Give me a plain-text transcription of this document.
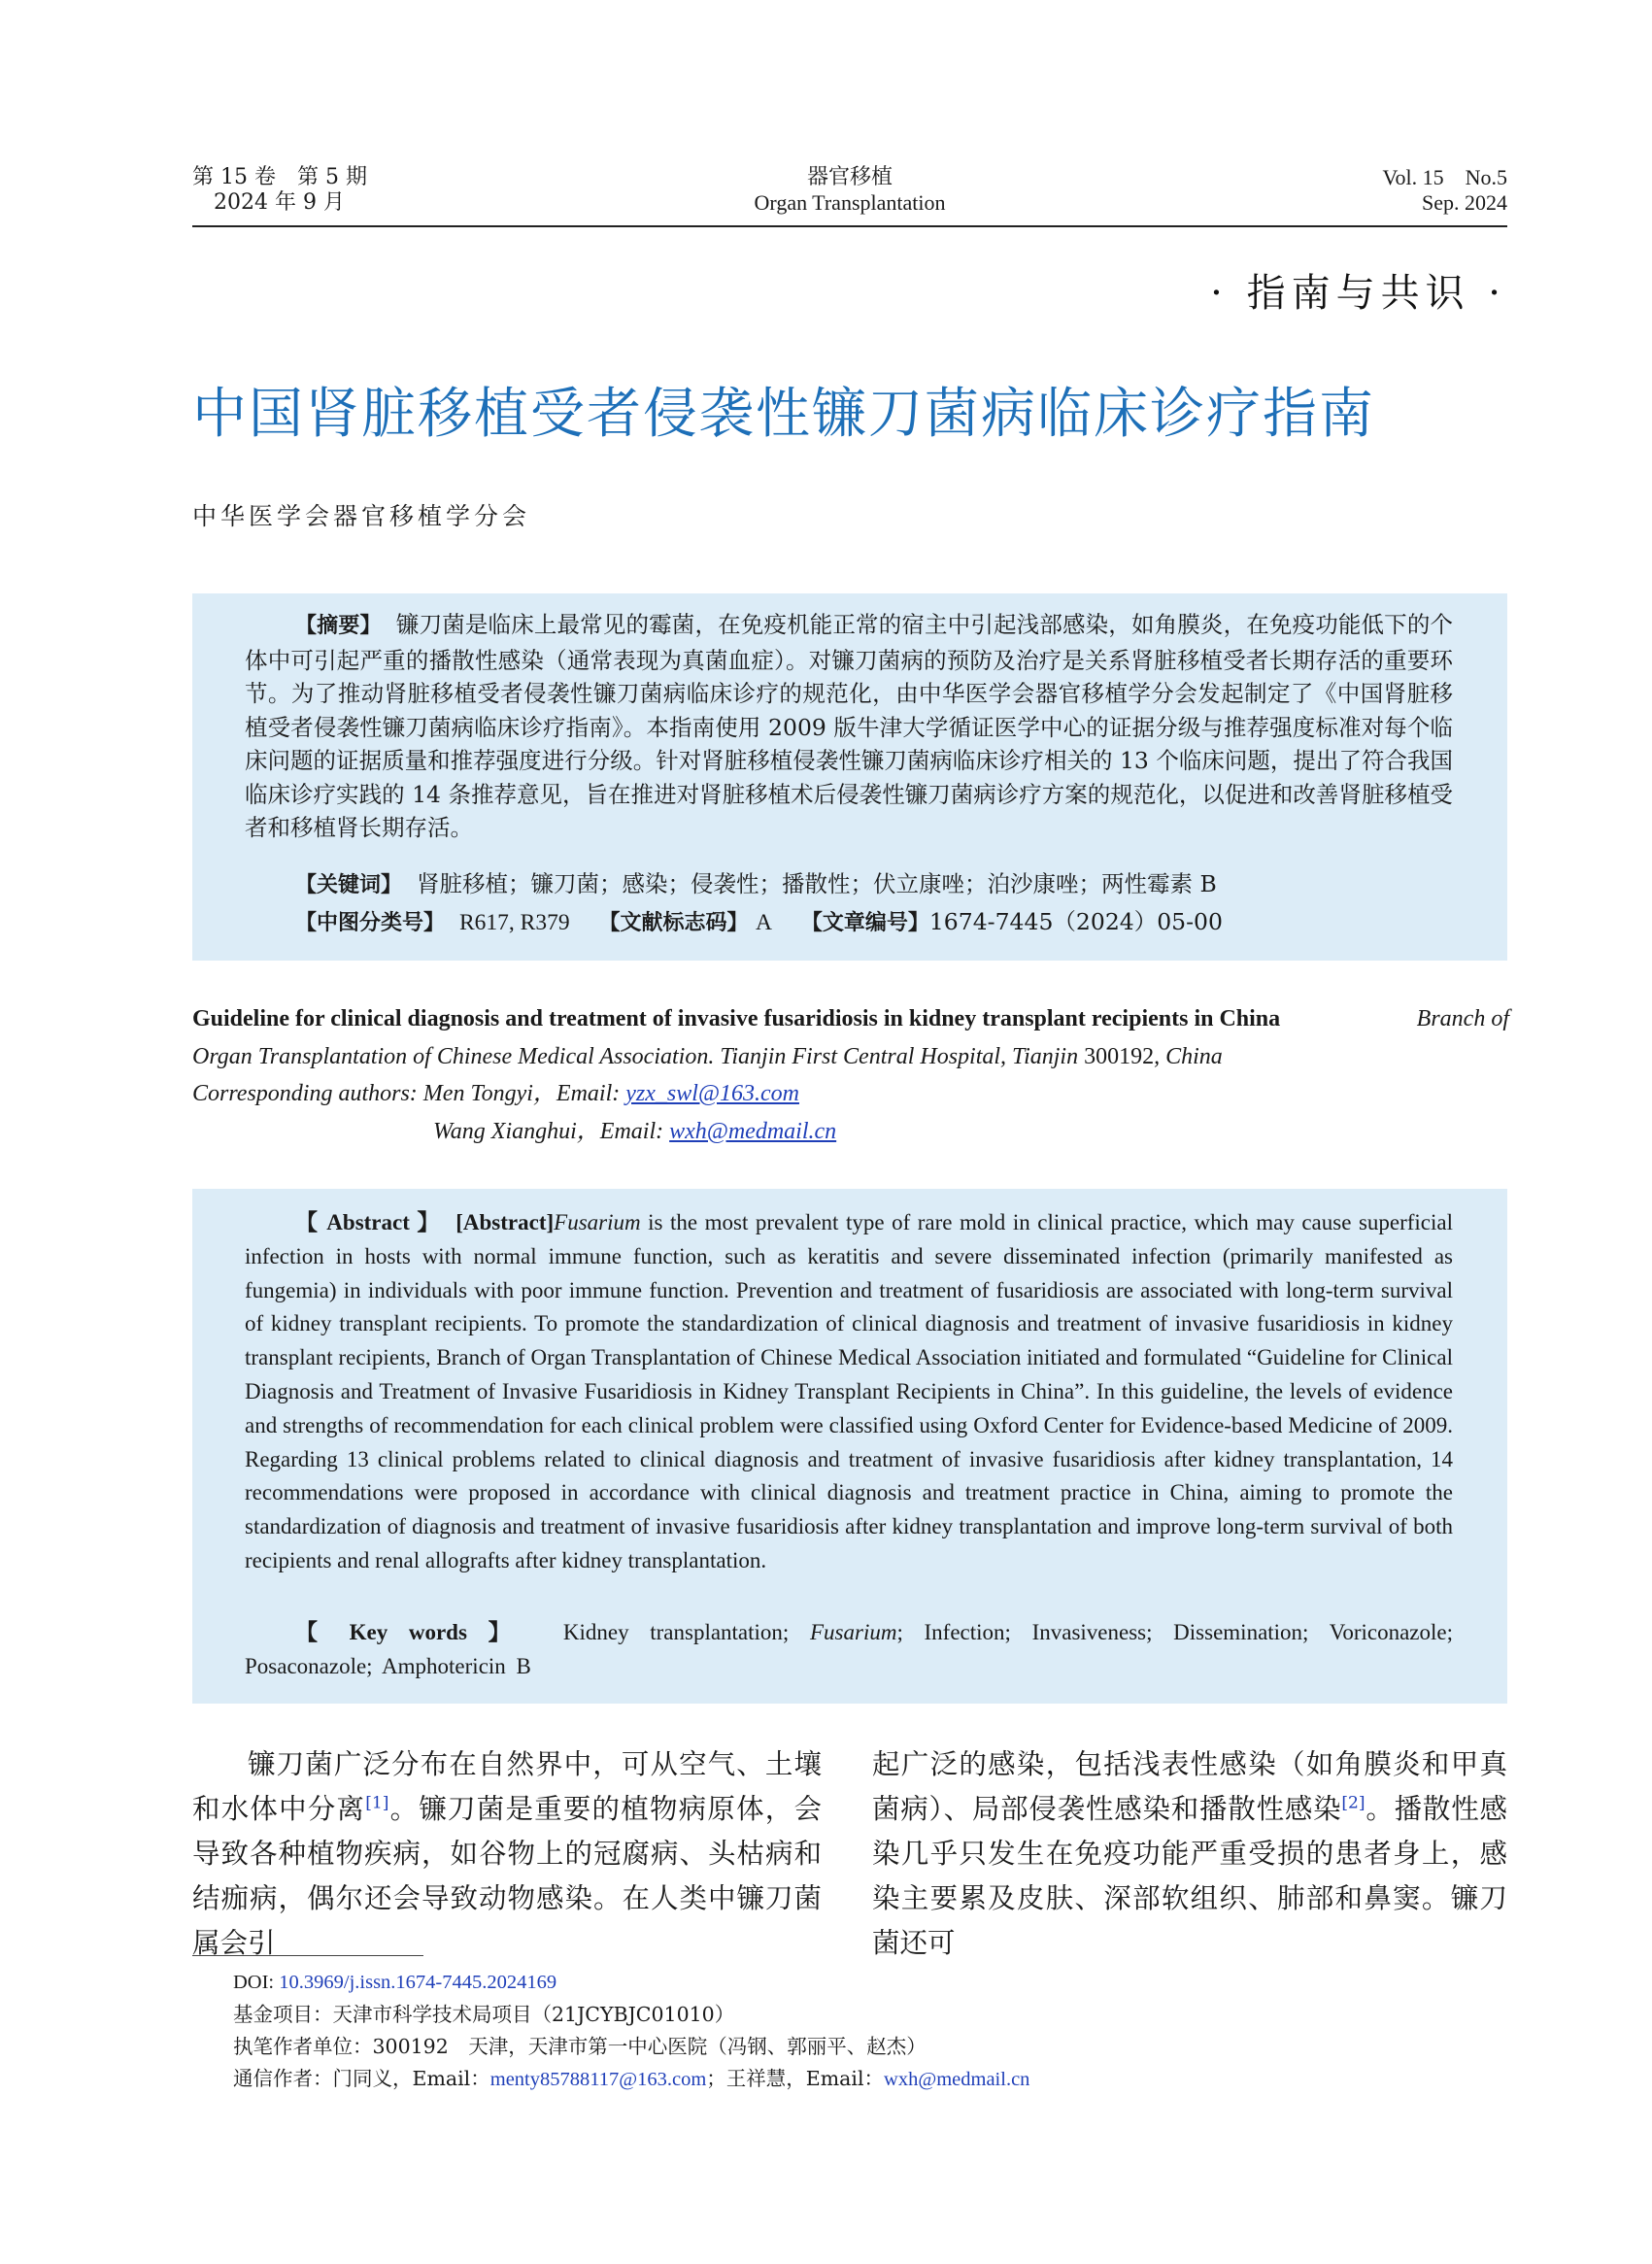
第 15 卷　第 5 期
2024 年 9 月
器官移植
Organ Transplantation
Vol. 15　No.5
Sep. 2024
· 指南与共识 ·
中国肾脏移植受者侵袭性镰刀菌病临床诊疗指南
中华医学会器官移植学分会
【摘要】 镰刀菌是临床上最常见的霉菌，在免疫机能正常的宿主中引起浅部感染，如角膜炎，在免疫功能低下的个体中可引起严重的播散性感染（通常表现为真菌血症）。对镰刀菌病的预防及治疗是关系肾脏移植受者长期存活的重要环节。为了推动肾脏移植受者侵袭性镰刀菌病临床诊疗的规范化，由中华医学会器官移植学分会发起制定了《中国肾脏移植受者侵袭性镰刀菌病临床诊疗指南》。本指南使用 2009 版牛津大学循证医学中心的证据分级与推荐强度标准对每个临床问题的证据质量和推荐强度进行分级。针对肾脏移植侵袭性镰刀菌病临床诊疗相关的 13 个临床问题，提出了符合我国临床诊疗实践的 14 条推荐意见，旨在推进对肾脏移植术后侵袭性镰刀菌病诊疗方案的规范化，以促进和改善肾脏移植受者和移植肾长期存活。
【关键词】 肾脏移植；镰刀菌；感染；侵袭性；播散性；伏立康唑；泊沙康唑；两性霉素 B
【中图分类号】 R617, R379 【文献标志码】 A 【文章编号】1674-7445（2024）05-00
Guideline for clinical diagnosis and treatment of invasive fusaridiosis in kidney transplant recipients in China	Branch of
Organ Transplantation of Chinese Medical Association. Tianjin First Central Hospital, Tianjin 300192, China
Corresponding authors: Men Tongyi，Email: yzx_swl@163.com
Wang Xianghui，Email: wxh@medmail.cn
【 Abstract 】 [Abstract]Fusarium is the most prevalent type of rare mold in clinical practice, which may cause superficial infection in hosts with normal immune function, such as keratitis and severe disseminated infection (primarily manifested as fungemia) in individuals with poor immune function. Prevention and treatment of fusaridiosis are associated with long-term survival of kidney transplant recipients. To promote the standardization of clinical diagnosis and treatment of invasive fusaridiosis in kidney transplant recipients, Branch of Organ Transplantation of Chinese Medical Association initiated and formulated “Guideline for Clinical Diagnosis and Treatment of Invasive Fusaridiosis in Kidney Transplant Recipients in China”. In this guideline, the levels of evidence and strengths of recommendation for each clinical problem were classified using Oxford Center for Evidence-based Medicine of 2009. Regarding 13 clinical problems related to clinical diagnosis and treatment of invasive fusaridiosis after kidney transplantation, 14 recommendations were proposed in accordance with clinical diagnosis and treatment practice in China, aiming to promote the standardization of diagnosis and treatment of invasive fusaridiosis after kidney transplantation and improve long-term survival of both recipients and renal allografts after kidney transplantation.
【 Key words 】 Kidney transplantation; Fusarium; Infection; Invasiveness; Dissemination; Voriconazole; Posaconazole; Amphotericin B
镰刀菌广泛分布在自然界中，可从空气、土壤和水体中分离[1]。镰刀菌是重要的植物病原体，会导致各种植物疾病，如谷物上的冠腐病、头枯病和结痂病，偶尔还会导致动物感染。在人类中镰刀菌属会引
起广泛的感染，包括浅表性感染（如角膜炎和甲真菌病）、局部侵袭性感染和播散性感染[2]。播散性感染几乎只发生在免疫功能严重受损的患者身上，感染主要累及皮肤、深部软组织、肺部和鼻窦。镰刀菌还可
DOI: 10.3969/j.issn.1674-7445.2024169
基金项目：天津市科学技术局项目（21JCYBJC01010）
执笔作者单位：300192　天津，天津市第一中心医院（冯钢、郭丽平、赵杰）
通信作者：门同义，Email：menty85788117@163.com；王祥慧，Email：wxh@medmail.cn
